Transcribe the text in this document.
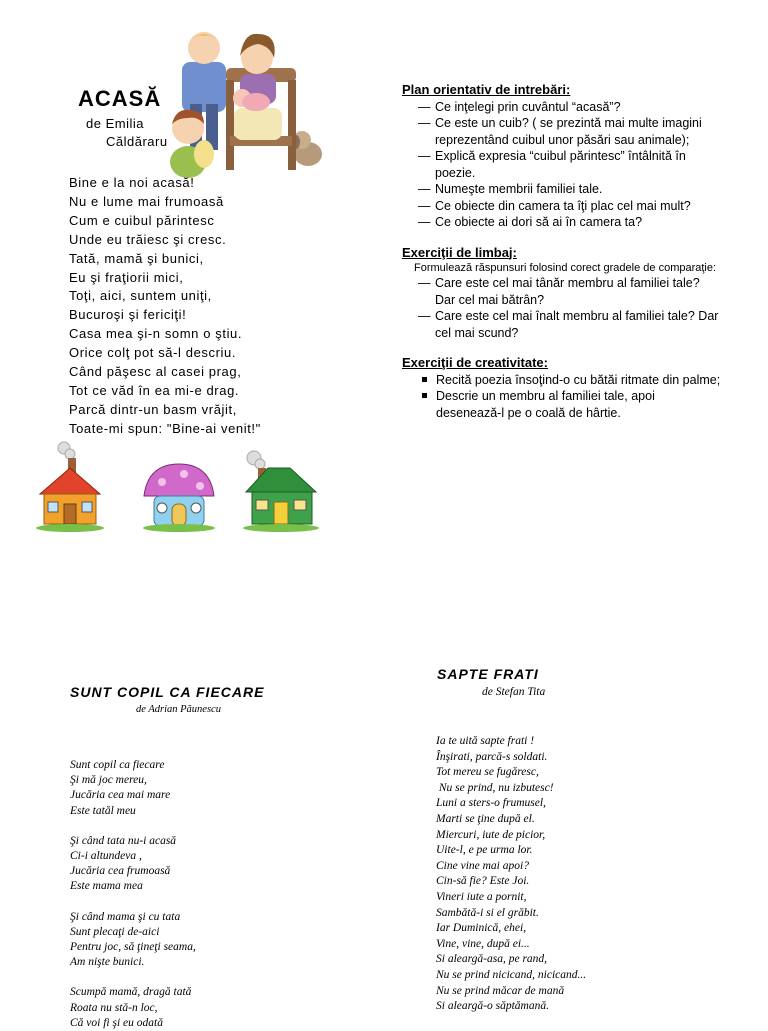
ACASĂ
de Emilia
Căldăraru
Bine e la noi acasă!
Nu e lume mai frumoasă
Cum e cuibul părintesc
Unde eu trăiesc şi cresc.
Tată, mamă şi bunici,
Eu şi fraţiorii mici,
Toţi, aici, suntem uniţi,
Bucuroşi şi fericiţi!
Casa mea şi-n somn o ştiu.
Orice colţ pot să-l descriu.
Când păşesc al casei prag,
Tot ce văd în ea mi-e drag.
Parcă dintr-un basm vrăjit,
Toate-mi spun: "Bine-ai venit!"
Plan orientativ de intrebări:
— Ce inţelegi prin cuvântul “acasă”?
— Ce este un cuib? ( se prezintă mai multe imagini reprezentând cuibul unor păsări sau animale);
— Explică expresia “cuibul părintesc” întâlnită în poezie.
— Numeşte membrii familiei tale.
— Ce obiecte din camera ta îţi plac cel mai mult?
— Ce obiecte ai dori să ai în camera ta?
Exerciţii de limbaj:
Formulează răspunsuri folosind corect gradele de comparaţie:
— Care este cel mai tânăr membru al familiei tale? Dar cel mai bătrân?
— Care este cel mai înalt membru al familiei tale? Dar cel mai scund?
Exerciţii de creativitate:
Recită poezia însoţind-o cu bătăi ritmate din palme;
Descrie un membru al familiei tale, apoi desenează-l pe o coală de hârtie.
SUNT COPIL CA FIECARE
de Adrian Păunescu
Sunt copil ca fiecare
Şi mă joc mereu,
Jucăria cea mai mare
Este tatăl meu
Şi când tata nu-i acasă
Ci-i altundeva ,
Jucăria cea frumoasă
Este mama mea
Şi când mama şi cu tata
Sunt plecaţi de-aici
Pentru joc, să ţineţi seama,
Am nişte bunici.
Scumpă mamă, dragă tată
Roata nu stă-n loc,
Că voi fi şi eu odată
SAPTE FRATI
de Stefan Tita
Ia te uită sapte frati !
Înşirati, parcă-s soldati.
Tot mereu se fugăresc,
Nu se prind, nu izbutesc!
Luni a sters-o frumusel,
Marti se ţine după el.
Miercuri, iute de picior,
Uite-l, e pe urma lor.
Cine vine mai apoi?
Cin-să fie? Este Joi.
Vineri iute a pornit,
Sambătă-i si el grăbit.
Iar Duminică, ehei,
Vine, vine, după ei...
Si aleargă-asa, pe rand,
Nu se prind nicicand, nicicand...
Nu se prind măcar de mană
Si aleargă-o săptămană.
